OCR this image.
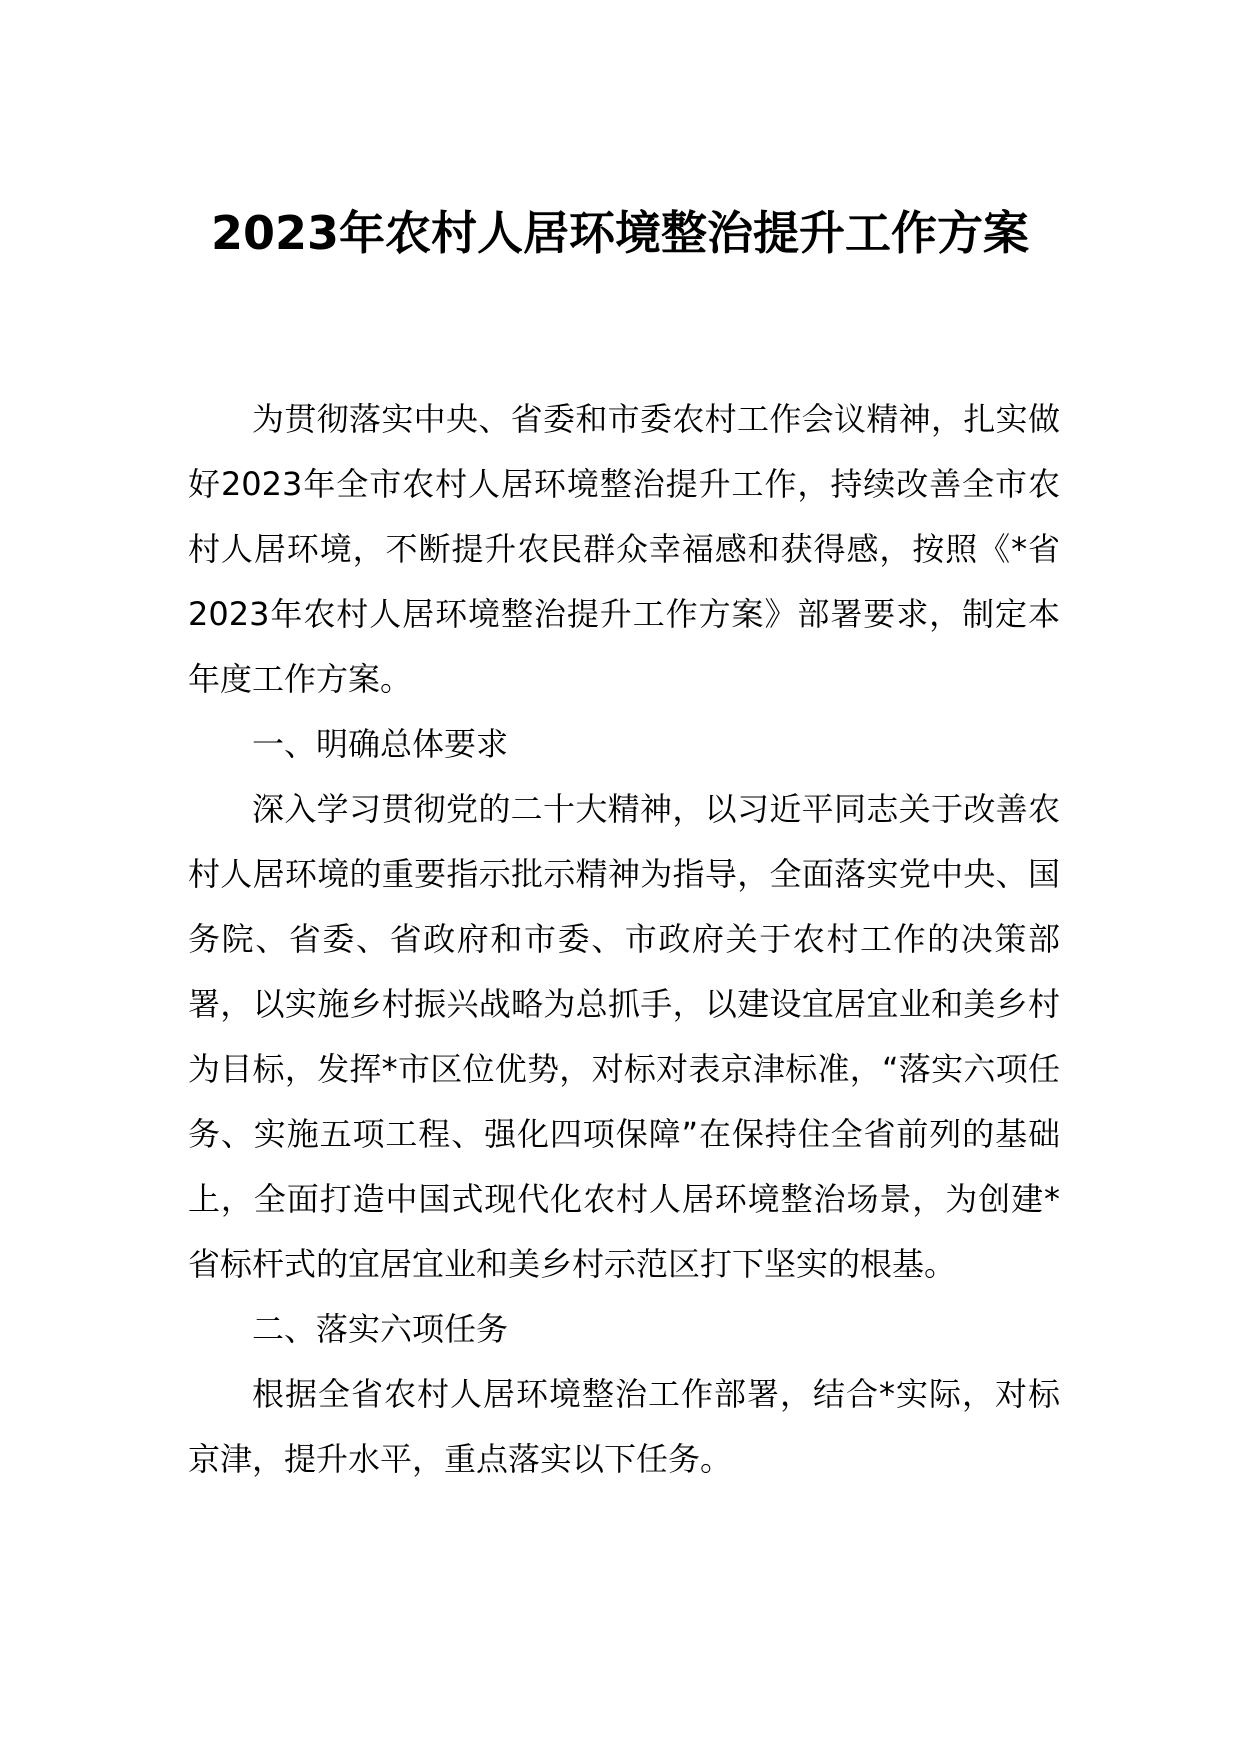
2023年农村人居环境整治提升工作方案

为贯彻落实中央、省委和市委农村工作会议精神，扎实做好2023年全市农村人居环境整治提升工作，持续改善全市农村人居环境，不断提升农民群众幸福感和获得感，按照《*省2023年农村人居环境整治提升工作方案》部署要求，制定本年度工作方案。

一、明确总体要求

深入学习贯彻党的二十大精神，以习近平同志关于改善农村人居环境的重要指示批示精神为指导，全面落实党中央、国务院、省委、省政府和市委、市政府关于农村工作的决策部署，以实施乡村振兴战略为总抓手，以建设宜居宜业和美乡村为目标，发挥*市区位优势，对标对表京津标准，“落实六项任务、实施五项工程、强化四项保障”在保持住全省前列的基础上，全面打造中国式现代化农村人居环境整治场景，为创建*省标杆式的宜居宜业和美乡村示范区打下坚实的根基。

二、落实六项任务

根据全省农村人居环境整治工作部署，结合*实际，对标京津，提升水平，重点落实以下任务。
